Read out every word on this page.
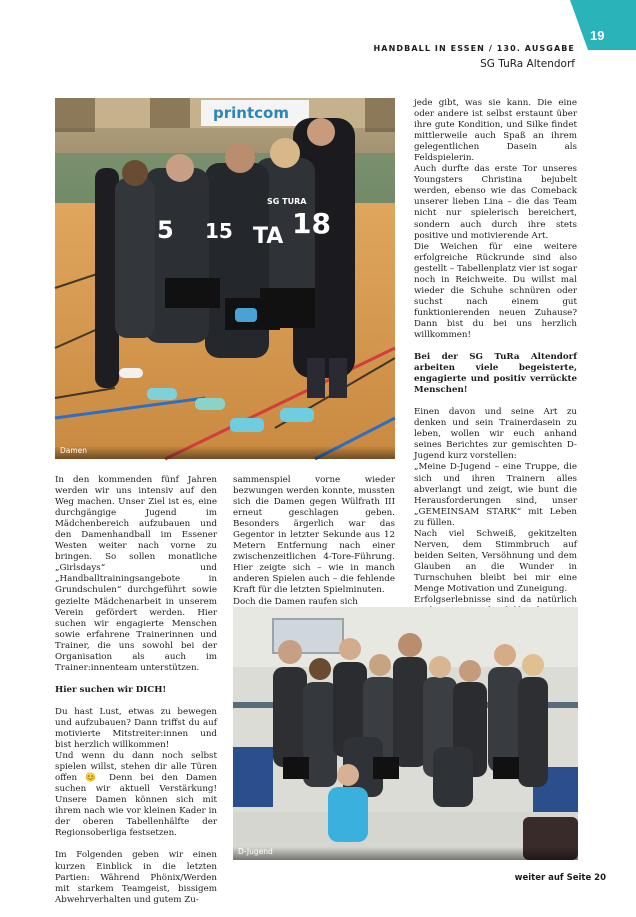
19
HANDBALL IN ESSEN / 130. AUSGABE
SG TuRa Altendorf
printcom
5 15 18
TA
SG TURA
Damen

In den kommenden fünf Jahren werden wir uns intensiv auf den Weg machen. Unser Ziel ist es, eine durchgängige Jugend im Mädchenbereich aufzubauen und den Damenhandball im Essener Westen weiter nach vorne zu bringen. So sollen monatliche „Girlsdays“ und „Handballtrainingsangebote in Grundschulen“ durchgeführt sowie gezielte Mädchenarbeit in unserem Verein gefördert werden. Hier suchen wir engagierte Menschen sowie erfahrene Trainerinnen und Trainer, die uns sowohl bei der Organisation als auch im Trainer:innenteam unterstützen.

Hier suchen wir DICH!

Du hast Lust, etwas zu bewegen und aufzubauen? Dann triffst du auf motivierte Mitstreiter:innen und bist herzlich willkommen!

Und wenn du dann noch selbst spielen willst, stehen dir alle Türen offen 😊 Denn bei den Damen suchen wir aktuell Verstärkung! Unsere Damen können sich mit ihrem nach wie vor kleinen Kader in der oberen Tabellenhälfte der Regionsoberliga festsetzen.

Im Folgenden geben wir einen kurzen Einblick in die letzten Partien: Während Phönix/Werden mit starkem Teamgeist, bissigem Abwehrverhalten und gutem Zu-

sammenspiel vorne wieder bezwungen werden konnte, mussten sich die Damen gegen Wülfrath III erneut geschlagen geben. Besonders ärgerlich war das Gegentor in letzter Sekunde aus 12 Metern Entfernung nach einer zwischenzeitlichen 4-Tore-Führung. Hier zeigte sich – wie in manch anderen Spielen auch – die fehlende Kraft für die letzten Spielminuten.

Doch die Damen raufen sich

jede gibt, was sie kann. Die eine oder andere ist selbst erstaunt über ihre gute Kondition, und Silke findet mittlerweile auch Spaß an ihrem gelegentlichen Dasein als Feldspielerin.

Auch durfte das erste Tor unseres Youngsters Christina bejubelt werden, ebenso wie das Comeback unserer lieben Lina – die das Team nicht nur spielerisch bereichert, sondern auch durch ihre stets positive und motivierende Art.

Die Weichen für eine weitere erfolgreiche Rückrunde sind also gestellt – Tabellenplatz vier ist sogar noch in Reichweite. Du willst mal wieder die Schuhe schnüren oder suchst nach einem gut funktionierenden neuen Zuhause? Dann bist du bei uns herzlich willkommen!

Bei der SG TuRa Altendorf arbeiten viele begeisterte, engagierte und positiv verrückte Menschen!

Einen davon und seine Art zu denken und sein Trainerdasein zu leben, wollen wir euch anhand seines Berichtes zur gemischten D-Jugend kurz vorstellen:

„Meine D-Jugend – eine Truppe, die sich und ihren Trainern alles abverlangt und zeigt, wie bunt die Herausforderungen sind, unser „GEMEINSAM STARK“ mit Leben zu füllen.

Nach viel Schweiß, gekitzelten Nerven, dem Stimmbruch auf beiden Seiten, Versöhnung und dem Glauben an die Wunder in Turnschuhen bleibt bei mir eine Menge Motivation und Zuneigung.

Erfolgserlebnisse sind da natürlich

D-Jugend
weiter auf Seite 20
